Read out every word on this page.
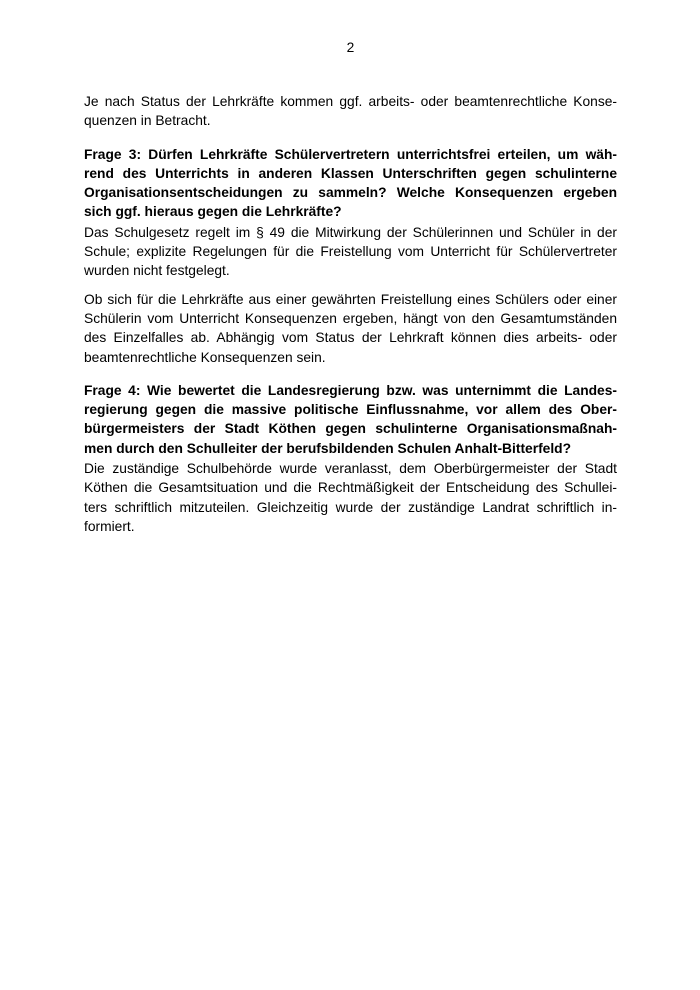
2
Je nach Status der Lehrkräfte kommen ggf. arbeits- oder beamtenrechtliche Konse-
quenzen in Betracht.
Frage 3: Dürfen Lehrkräfte Schülervertretern unterrichtsfrei erteilen, um wäh-
rend des Unterrichts in anderen Klassen Unterschriften gegen schulinterne
Organisationsentscheidungen zu sammeln? Welche Konsequenzen ergeben
sich ggf. hieraus gegen die Lehrkräfte?
Das Schulgesetz regelt im § 49 die Mitwirkung der Schülerinnen und Schüler in der
Schule; explizite Regelungen für die Freistellung vom Unterricht für Schülervertreter
wurden nicht festgelegt.
Ob sich für die Lehrkräfte aus einer gewährten Freistellung eines Schülers oder einer
Schülerin vom Unterricht Konsequenzen ergeben, hängt von den Gesamtumständen
des Einzelfalles ab. Abhängig vom Status der Lehrkraft können dies arbeits- oder
beamtenrechtliche Konsequenzen sein.
Frage 4: Wie bewertet die Landesregierung bzw. was unternimmt die Landes-
regierung gegen die massive politische Einflussnahme, vor allem des Ober-
bürgermeisters der Stadt Köthen gegen schulinterne Organisationsmaßnah-
men durch den Schulleiter der berufsbildenden Schulen Anhalt-Bitterfeld?
Die zuständige Schulbehörde wurde veranlasst, dem Oberbürgermeister der Stadt
Köthen die Gesamtsituation und die Rechtmäßigkeit der Entscheidung des Schullei-
ters schriftlich mitzuteilen. Gleichzeitig wurde der zuständige Landrat schriftlich in-
formiert.
